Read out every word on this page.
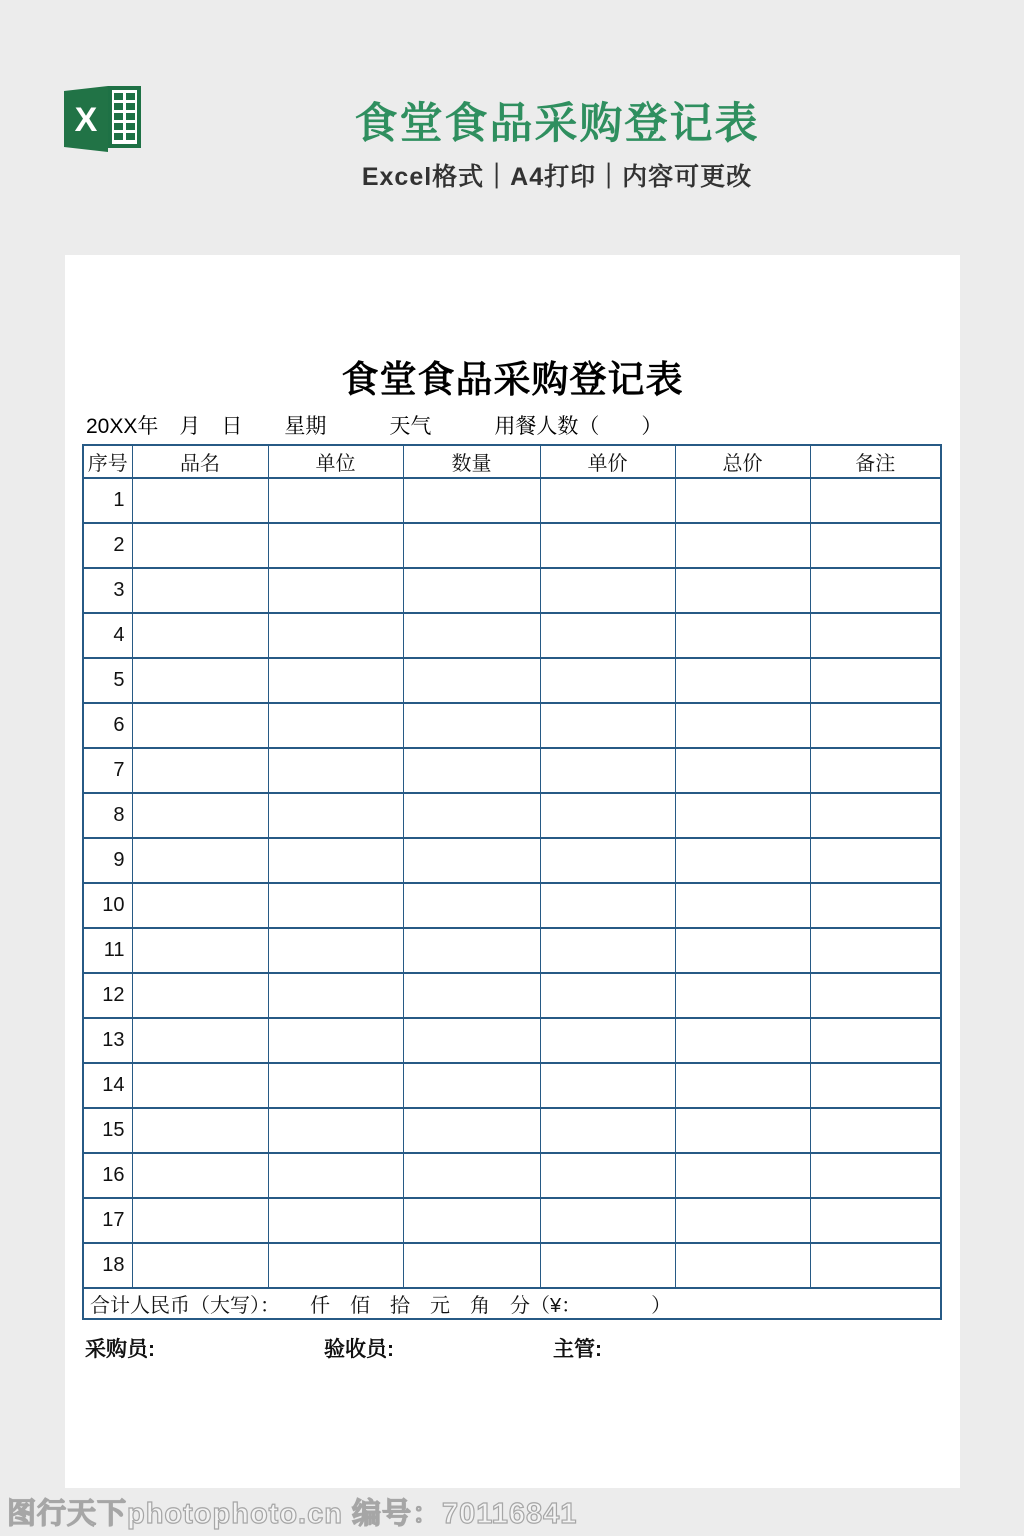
X	食堂食品采购登记表
Excel格式｜A4打印｜内容可更改
食堂食品采购登记表
20XX年　月　日　　星期　　　天气　　　用餐人数（　　）
序号	品名	单位	数量	单价	总价	备注
1						
2						
3						
4						
5						
6						
7						
8						
9						
10						
11						
12						
13						
14						
15						
16						
17						
18						
合计人民币（大写）：　　仟　佰　拾　元　角　分（¥：　　　　）						
采购员:	验收员:	主管:
图行天下photophoto.cn 编号：70116841
